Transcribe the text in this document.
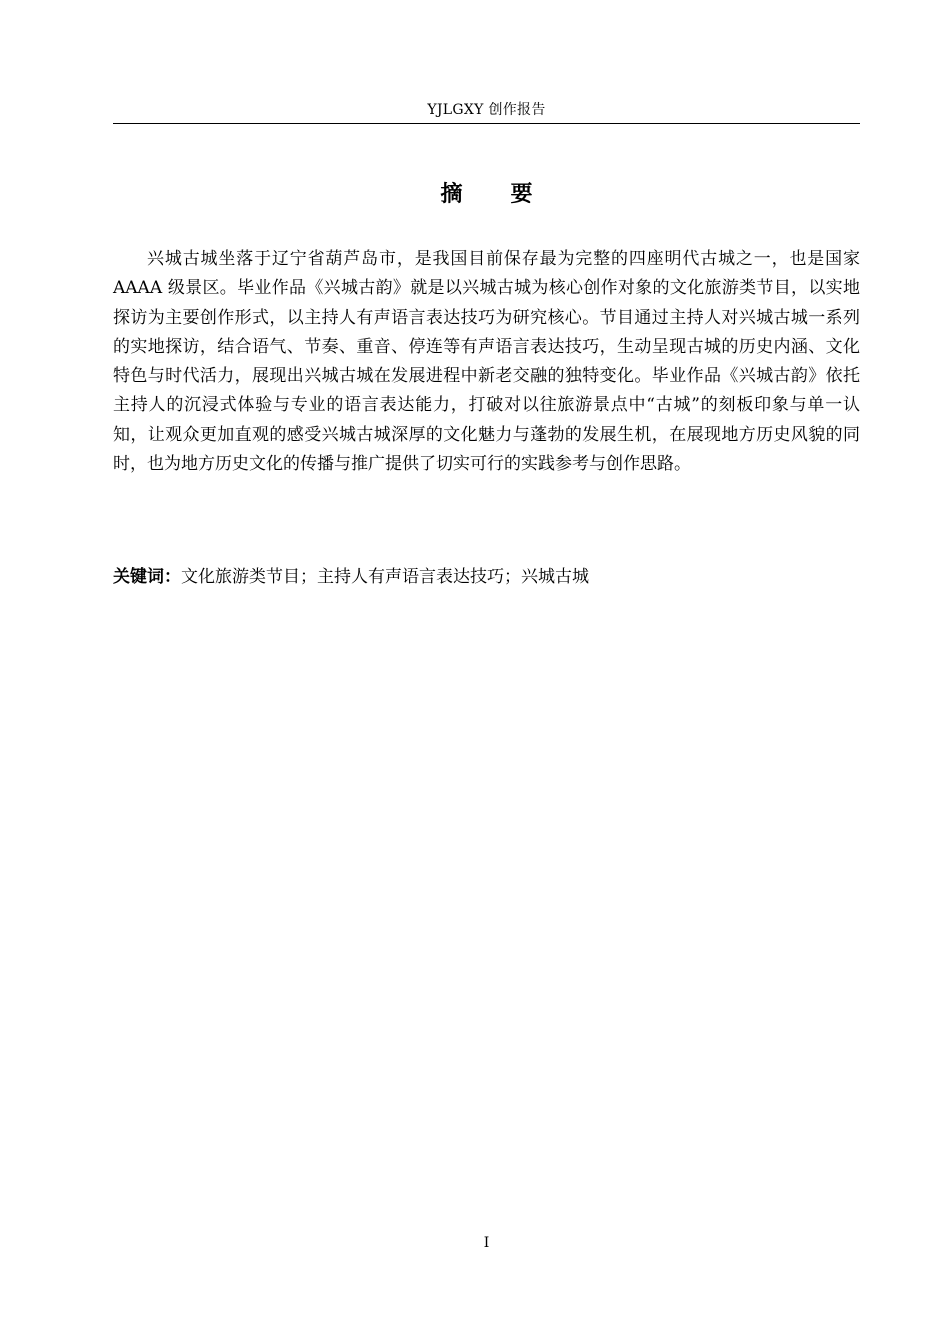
YJLGXY 创作报告
摘 要

兴城古城坐落于辽宁省葫芦岛市，是我国目前保存最为完整的四座明代古城之一，也是国家 AAAA 级景区。毕业作品《兴城古韵》就是以兴城古城为核心创作对象的文化旅游类节目，以实地探访为主要创作形式，以主持人有声语言表达技巧为研究核心。节目通过主持人对兴城古城一系列的实地探访，结合语气、节奏、重音、停连等有声语言表达技巧，生动呈现古城的历史内涵、文化特色与时代活力，展现出兴城古城在发展进程中新老交融的独特变化。毕业作品《兴城古韵》依托主持人的沉浸式体验与专业的语言表达能力，打破对以往旅游景点中“古城”的刻板印象与单一认知，让观众更加直观的感受兴城古城深厚的文化魅力与蓬勃的发展生机，在展现地方历史风貌的同时，也为地方历史文化的传播与推广提供了切实可行的实践参考与创作思路。

关键词：文化旅游类节目；主持人有声语言表达技巧；兴城古城

I
